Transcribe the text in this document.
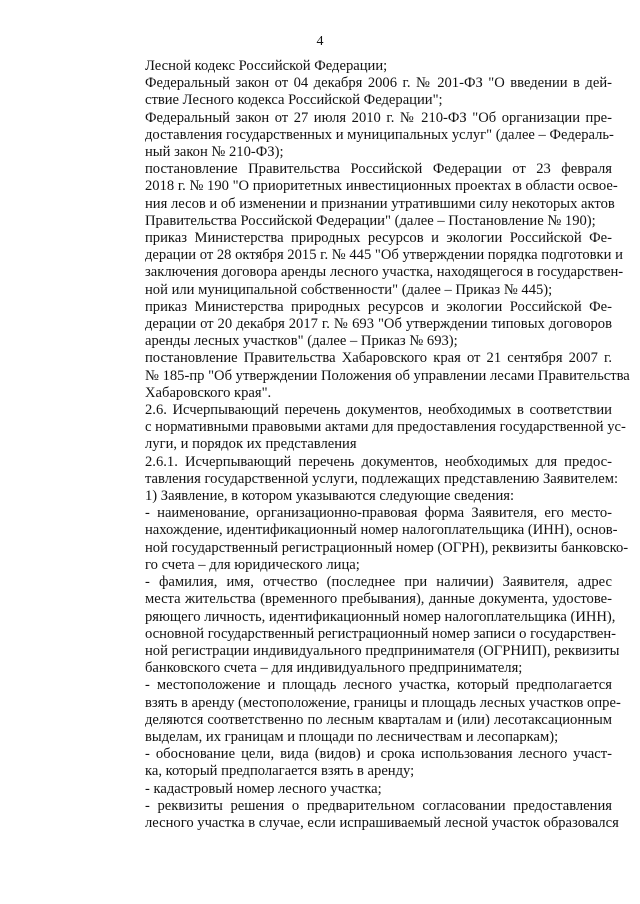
4
Лесной кодекс Российской Федерации;
Федеральный закон от 04 декабря 2006 г. № 201-ФЗ "О введении в дей-
ствие Лесного кодекса Российской Федерации";
Федеральный закон от 27 июля 2010 г. № 210-ФЗ "Об организации пре-
доставления государственных и муниципальных услуг" (далее – Федераль-
ный закон № 210-ФЗ);
постановление Правительства Российской Федерации от 23 февраля
2018 г. № 190 "О приоритетных инвестиционных проектах в области освое-
ния лесов и об изменении и признании утратившими силу некоторых актов
Правительства Российской Федерации" (далее – Постановление № 190);
приказ Министерства природных ресурсов и экологии Российской Фе-
дерации от 28 октября 2015 г. № 445 "Об утверждении порядка подготовки и
заключения договора аренды лесного участка, находящегося в государствен-
ной или муниципальной собственности" (далее – Приказ № 445);
приказ Министерства природных ресурсов и экологии Российской Фе-
дерации от 20 декабря 2017 г. № 693 "Об утверждении типовых договоров
аренды лесных участков" (далее – Приказ № 693);
постановление Правительства Хабаровского края от 21 сентября 2007 г.
№ 185-пр "Об утверждении Положения об управлении лесами Правительства
Хабаровского края".
2.6. Исчерпывающий перечень документов, необходимых в соответствии
с нормативными правовыми актами для предоставления государственной ус-
луги, и порядок их представления
2.6.1. Исчерпывающий перечень документов, необходимых для предос-
тавления государственной услуги, подлежащих представлению Заявителем:
1) Заявление, в котором указываются следующие сведения:
- наименование, организационно-правовая форма Заявителя, его место-
нахождение, идентификационный номер налогоплательщика (ИНН), основ-
ной государственный регистрационный номер (ОГРН), реквизиты банковско-
го счета – для юридического лица;
- фамилия, имя, отчество (последнее при наличии) Заявителя, адрес
места жительства (временного пребывания), данные документа, удостове-
ряющего личность, идентификационный номер налогоплательщика (ИНН),
основной государственный регистрационный номер записи о государствен-
ной регистрации индивидуального предпринимателя (ОГРНИП), реквизиты
банковского счета – для индивидуального предпринимателя;
- местоположение и площадь лесного участка, который предполагается
взять в аренду (местоположение, границы и площадь лесных участков опре-
деляются соответственно по лесным кварталам и (или) лесотаксационным
выделам, их границам и площади по лесничествам и лесопаркам);
- обоснование цели, вида (видов) и срока использования лесного участ-
ка, который предполагается взять в аренду;
- кадастровый номер лесного участка;
- реквизиты решения о предварительном согласовании предоставления
лесного участка в случае, если испрашиваемый лесной участок образовался
